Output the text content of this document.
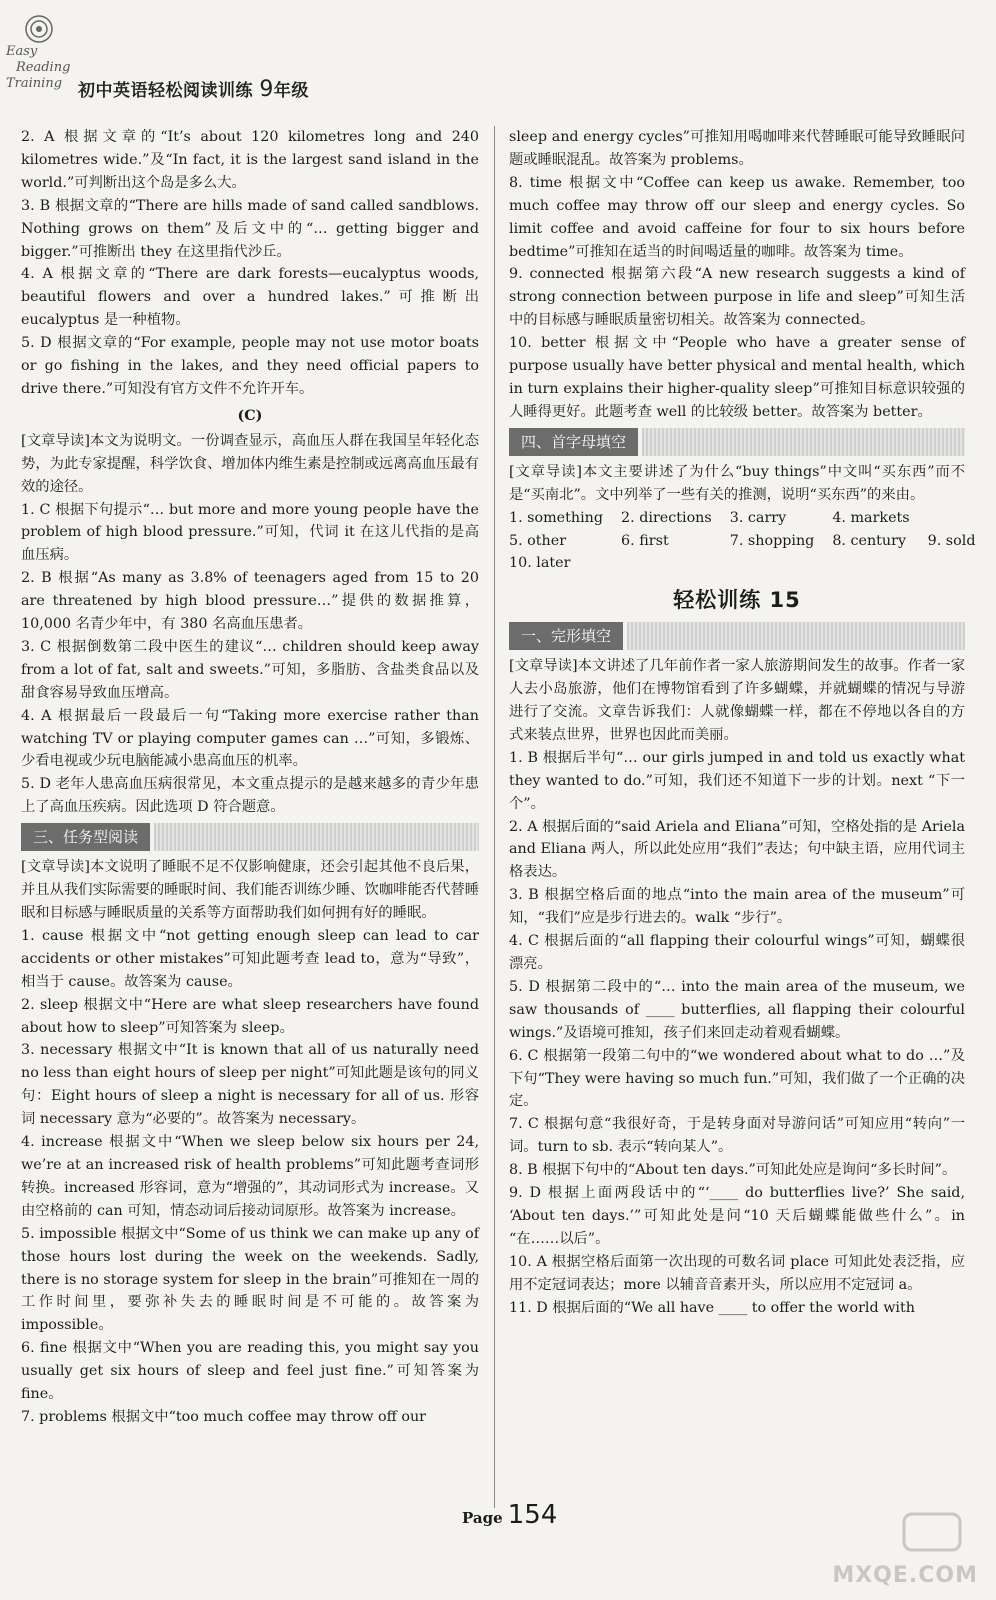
Easy
Reading
Training 初中英语轻松阅读训练 9年级

2. A 根据文章的“It’s about 120 kilometres long and 240 kilometres wide.”及“In fact, it is the largest sand island in the world.”可判断出这个岛是多么大。

3. B 根据文章的“There are hills made of sand called sandblows. Nothing grows on them”及后文中的“… getting bigger and bigger.”可推断出 they 在这里指代沙丘。

4. A 根据文章的“There are dark forests—eucalyptus woods, beautiful flowers and over a hundred lakes.”可推断出 eucalyptus 是一种植物。

5. D 根据文章的“For example, people may not use motor boats or go fishing in the lakes, and they need official papers to drive there.”可知没有官方文件不允许开车。

(C)

[文章导读]本文为说明文。一份调查显示，高血压人群在我国呈年轻化态势，为此专家提醒，科学饮食、增加体内维生素是控制或远离高血压最有效的途径。

1. C 根据下句提示“… but more and more young people have the problem of high blood pressure.”可知，代词 it 在这儿代指的是高血压病。

2. B 根据“As many as 3.8% of teenagers aged from 15 to 20 are threatened by high blood pressure…”提供的数据推算，10,000 名青少年中，有 380 名高血压患者。

3. C 根据倒数第二段中医生的建议“… children should keep away from a lot of fat, salt and sweets.”可知，多脂肪、含盐类食品以及甜食容易导致血压增高。

4. A 根据最后一段最后一句“Taking more exercise rather than watching TV or playing computer games can …”可知，多锻炼、少看电视或少玩电脑能减小患高血压的机率。

5. D 老年人患高血压病很常见，本文重点提示的是越来越多的青少年患上了高血压疾病。因此选项 D 符合题意。

三、任务型阅读

[文章导读]本文说明了睡眠不足不仅影响健康，还会引起其他不良后果，并且从我们实际需要的睡眠时间、我们能否训练少睡、饮咖啡能否代替睡眠和目标感与睡眠质量的关系等方面帮助我们如何拥有好的睡眠。

1. cause 根据文中“not getting enough sleep can lead to car accidents or other mistakes”可知此题考查 lead to，意为“导致”，相当于 cause。故答案为 cause。

2. sleep 根据文中“Here are what sleep researchers have found about how to sleep”可知答案为 sleep。

3. necessary 根据文中“It is known that all of us naturally need no less than eight hours of sleep per night”可知此题是该句的同义句：Eight hours of sleep a night is necessary for all of us. 形容词 necessary 意为“必要的”。故答案为 necessary。

4. increase 根据文中“When we sleep below six hours per 24, we’re at an increased risk of health problems”可知此题考查词形转换。increased 形容词，意为“增强的”，其动词形式为 increase。又由空格前的 can 可知，情态动词后接动词原形。故答案为 increase。

5. impossible 根据文中“Some of us think we can make up any of those hours lost during the week on the weekends. Sadly, there is no storage system for sleep in the brain”可推知在一周的工作时间里，要弥补失去的睡眠时间是不可能的。故答案为 impossible。

6. fine 根据文中“When you are reading this, you might say you usually get six hours of sleep and feel just fine.”可知答案为 fine。

7. problems 根据文中“too much coffee may throw off our

sleep and energy cycles”可推知用喝咖啡来代替睡眠可能导致睡眠问题或睡眠混乱。故答案为 problems。

8. time 根据文中“Coffee can keep us awake. Remember, too much coffee may throw off our sleep and energy cycles. So limit coffee and avoid caffeine for four to six hours before bedtime”可推知在适当的时间喝适量的咖啡。故答案为 time。

9. connected 根据第六段“A new research suggests a kind of strong connection between purpose in life and sleep”可知生活中的目标感与睡眠质量密切相关。故答案为 connected。

10. better 根据文中“People who have a greater sense of purpose usually have better physical and mental health, which in turn explains their higher-quality sleep”可推知目标意识较强的人睡得更好。此题考查 well 的比较级 better。故答案为 better。

四、首字母填空

[文章导读]本文主要讲述了为什么“buy things”中文叫“买东西”而不是“买南北”。文中列举了一些有关的推测，说明“买东西”的来由。

1. something 2. directions 3. carry	4. markets
5. other	6. first	7. shopping 8. century 9. sold
10. later

轻松训练 15

一、完形填空

[文章导读]本文讲述了几年前作者一家人旅游期间发生的故事。作者一家人去小岛旅游，他们在博物馆看到了许多蝴蝶，并就蝴蝶的情况与导游进行了交流。文章告诉我们：人就像蝴蝶一样，都在不停地以各自的方式来装点世界，世界也因此而美丽。

1. B 根据后半句“… our girls jumped in and told us exactly what they wanted to do.”可知，我们还不知道下一步的计划。next “下一个”。

2. A 根据后面的“said Ariela and Eliana”可知，空格处指的是 Ariela and Eliana 两人，所以此处应用“我们”表达；句中缺主语，应用代词主格表达。

3. B 根据空格后面的地点“into the main area of the museum”可知，“我们”应是步行进去的。walk “步行”。

4. C 根据后面的“all flapping their colourful wings”可知，蝴蝶很漂亮。

5. D 根据第二段中的“… into the main area of the museum, we saw thousands of ____ butterflies, all flapping their colourful wings.”及语境可推知，孩子们来回走动着观看蝴蝶。

6. C 根据第一段第二句中的“we wondered about what to do …”及下句“They were having so much fun.”可知，我们做了一个正确的决定。

7. C 根据句意“我很好奇，于是转身面对导游问话”可知应用“转向”一词。turn to sb. 表示“转向某人”。

8. B 根据下句中的“About ten days.”可知此处应是询问“多长时间”。

9. D 根据上面两段话中的“‘____ do butterflies live?’ She said, ‘About ten days.’”可知此处是问“10 天后蝴蝶能做些什么”。in “在……以后”。

10. A 根据空格后面第一次出现的可数名词 place 可知此处表泛指，应用不定冠词表达；more 以辅音音素开头，所以应用不定冠词 a。

11. D 根据后面的“We all have ____ to offer the world with

Page 154
MXQE.COM
